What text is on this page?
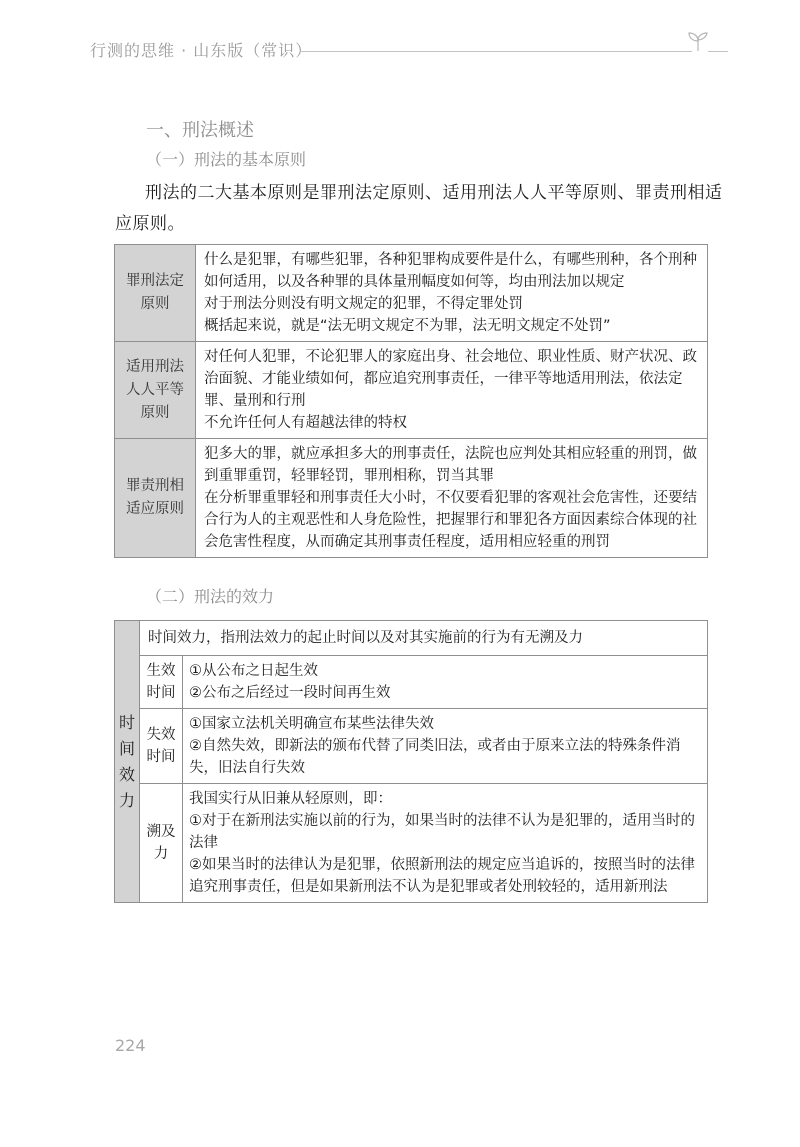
行测的思维 · 山东版（常识）
一、刑法概述
（一）刑法的基本原则
刑法的二大基本原则是罪刑法定原则、适用刑法人人平等原则、罪责刑相适应原则。
罪刑法定原则	什么是犯罪，有哪些犯罪，各种犯罪构成要件是什么，有哪些刑种，各个刑种如何适用，以及各种罪的具体量刑幅度如何等，均由刑法加以规定
对于刑法分则没有明文规定的犯罪，不得定罪处罚
概括起来说，就是“法无明文规定不为罪，法无明文规定不处罚”

适用刑法人人平等原则	对任何人犯罪，不论犯罪人的家庭出身、社会地位、职业性质、财产状况、政治面貌、才能业绩如何，都应追究刑事责任，一律平等地适用刑法，依法定罪、量刑和行刑
不允许任何人有超越法律的特权

罪责刑相适应原则	犯多大的罪，就应承担多大的刑事责任，法院也应判处其相应轻重的刑罚，做到重罪重罚，轻罪轻罚，罪刑相称，罚当其罪
在分析罪重罪轻和刑事责任大小时，不仅要看犯罪的客观社会危害性，还要结合行为人的主观恶性和人身危险性，把握罪行和罪犯各方面因素综合体现的社会危害性程度，从而确定其刑事责任程度，适用相应轻重的刑罚
（二）刑法的效力
时间效力	时间效力，指刑法效力的起止时间以及对其实施前的行为有无溯及力	
	生效时间	①从公布之日起生效
②公布之后经过一段时间再生效

	失效时间	①国家立法机关明确宣布某些法律失效
②自然失效，即新法的颁布代替了同类旧法，或者由于原来立法的特殊条件消失，旧法自行失效

	溯及力	我国实行从旧兼从轻原则，即：
①对于在新刑法实施以前的行为，如果当时的法律不认为是犯罪的，适用当时的法律
②如果当时的法律认为是犯罪，依照新刑法的规定应当追诉的，按照当时的法律追究刑事责任，但是如果新刑法不认为是犯罪或者处刑较轻的，适用新刑法
224
